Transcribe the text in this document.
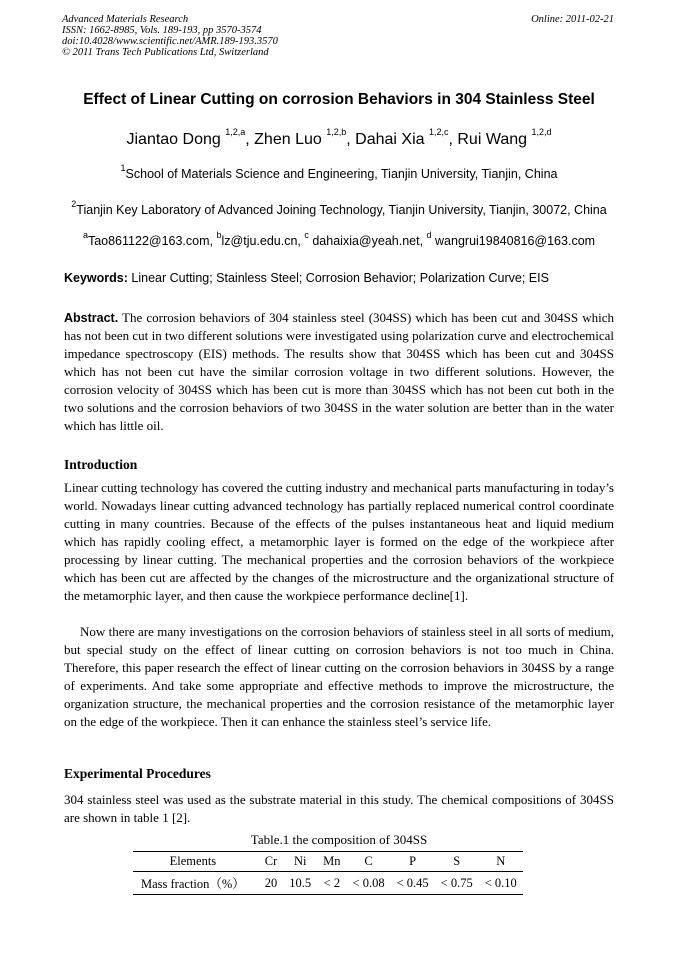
Advanced Materials Research
ISSN: 1662-8985, Vols. 189-193, pp 3570-3574
doi:10.4028/www.scientific.net/AMR.189-193.3570
© 2011 Trans Tech Publications Ltd, Switzerland
Online: 2011-02-21
Effect of Linear Cutting on corrosion Behaviors in 304 Stainless Steel
Jiantao Dong $^{1,2,a}$, Zhen Luo $^{1,2,b}$, Dahai Xia $^{1,2,c}$, Rui Wang $^{1,2,d}$
$^1$School of Materials Science and Engineering, Tianjin University, Tianjin, China
$^2$Tianjin Key Laboratory of Advanced Joining Technology, Tianjin University, Tianjin, 30072, China
$^a$Tao861122@163.com, $^b$lz@tju.edu.cn, $^c$ dahaixia@yeah.net, $^d$ wangrui19840816@163.com
Keywords: Linear Cutting; Stainless Steel; Corrosion Behavior; Polarization Curve; EIS
Abstract. The corrosion behaviors of 304 stainless steel (304SS) which has been cut and 304SS which has not been cut in two different solutions were investigated using polarization curve and electrochemical impedance spectroscopy (EIS) methods. The results show that 304SS which has been cut and 304SS which has not been cut have the similar corrosion voltage in two different solutions. However, the corrosion velocity of 304SS which has been cut is more than 304SS which has not been cut both in the two solutions and the corrosion behaviors of two 304SS in the water solution are better than in the water which has little oil.
Introduction
Linear cutting technology has covered the cutting industry and mechanical parts manufacturing in today’s world. Nowadays linear cutting advanced technology has partially replaced numerical control coordinate cutting in many countries. Because of the effects of the pulses instantaneous heat and liquid medium which has rapidly cooling effect, a metamorphic layer is formed on the edge of the workpiece after processing by linear cutting. The mechanical properties and the corrosion behaviors of the workpiece which has been cut are affected by the changes of the microstructure and the organizational structure of the metamorphic layer, and then cause the workpiece performance decline[1].
Now there are many investigations on the corrosion behaviors of stainless steel in all sorts of medium, but special study on the effect of linear cutting on corrosion behaviors is not too much in China. Therefore, this paper research the effect of linear cutting on the corrosion behaviors in 304SS by a range of experiments. And take some appropriate and effective methods to improve the microstructure, the organization structure, the mechanical properties and the corrosion resistance of the metamorphic layer on the edge of the workpiece. Then it can enhance the stainless steel’s service life.
Experimental Procedures
304 stainless steel was used as the substrate material in this study. The chemical compositions of 304SS are shown in table 1 [2].
Table.1 the composition of 304SS
Elements	Cr	Ni	Mn	C	P	S	N
Mass fraction（%）	20	10.5	< 2	< 0.08	< 0.45	< 0.75	< 0.10
